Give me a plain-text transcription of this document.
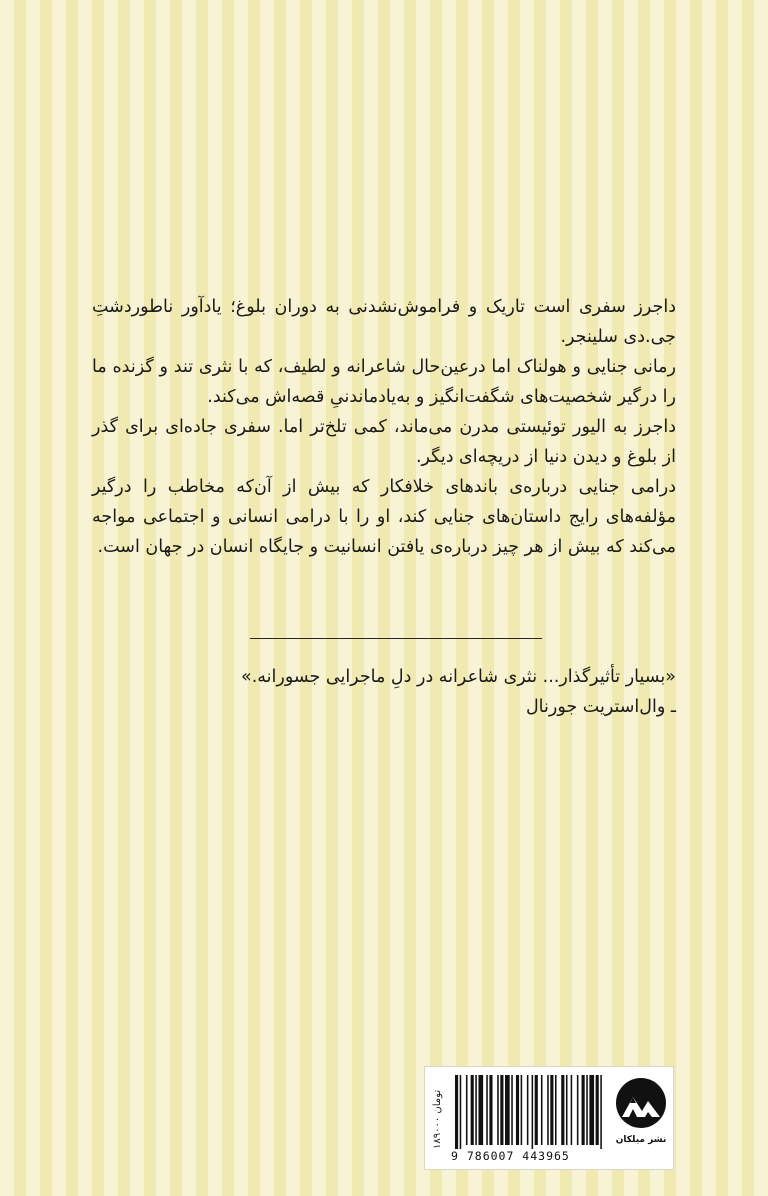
داجرز سفری است تاریک و فراموش‌نشدنی به دوران بلوغ؛ یادآور ناطوردشتِ جی.دی سلینجر.

رمانی جنایی و هولناک اما درعین‌حال شاعرانه و لطیف، که با نثری تند و گزنده ما را درگیر شخصیت‌های شگفت‌انگیز و به‌یادماندنیِ قصه‌اش می‌کند.

داجرز به الیور توئیستی مدرن می‌ماند، کمی تلخ‌تر اما. سفری جاده‌ای برای گذر از بلوغ و دیدن دنیا از دریچه‌ای دیگر.

درامی جنایی درباره‌ی باندهای خلافکار که بیش از آن‌که مخاطب را درگیر مؤلفه‌های رایج داستان‌های جنایی کند، او را با درامی انسانی و اجتماعی مواجه می‌کند که بیش از هر چیز درباره‌ی یافتن انسانیت و جایگاه انسان در جهان است.

«بسیار تأثیرگذار... نثری شاعرانه در دلِ ماجرایی جسورانه.»

ـ وال‌استریت جورنال

۱۸۹۰۰۰ تومان
9 786007 443965
نشر میلکان
